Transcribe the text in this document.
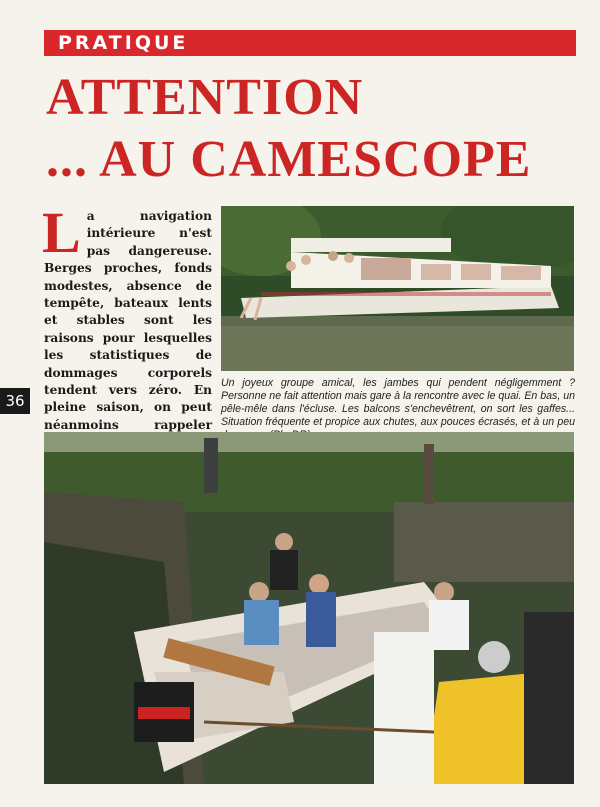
PRATIQUE
ATTENTION
... AU CAMESCOPE
La navigation intérieure n'est pas dangereuse. Berges proches, fonds modestes, absence de tempête, bateaux lents et stables sont les raisons pour lesquelles les statistiques de dommages corporels tendent vers zéro. En pleine saison, on peut néanmoins rappeler
36
Un joyeux groupe amical, les jambes qui pendent négligemment ? Personne ne fait attention mais gare à la rencontre avec le quai. En bas, un pêle-mêle dans l'écluse. Les balcons s'enchevêtrent, on sort les gaffes... Situation fréquente et propice aux chutes, aux pouces écrasés, et à un peu
